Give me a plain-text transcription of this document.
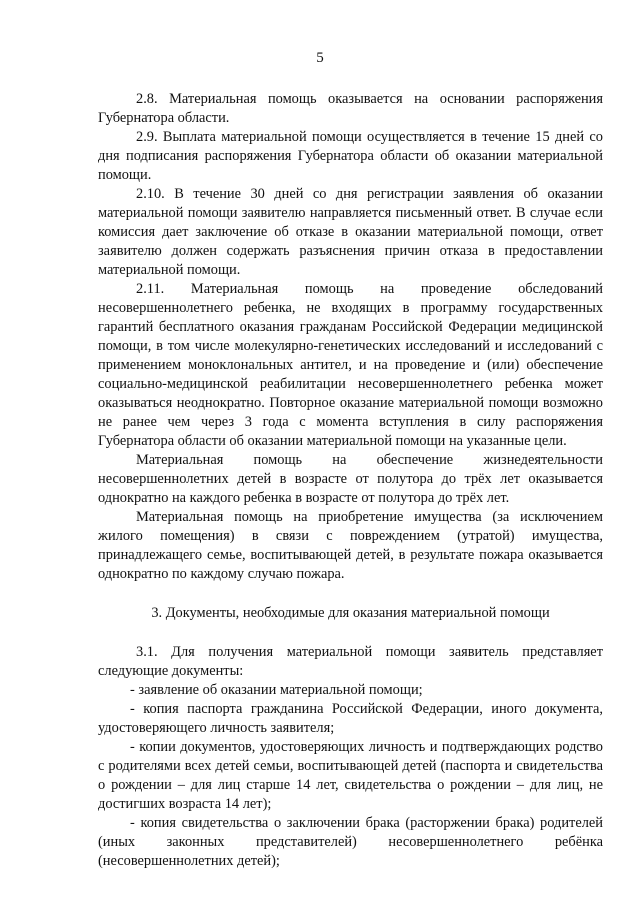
5

2.8. Материальная помощь оказывается на основании распоряжения Губернатора области.

2.9. Выплата материальной помощи осуществляется в течение 15 дней со дня подписания распоряжения Губернатора области об оказании материальной помощи.

2.10. В течение 30 дней со дня регистрации заявления об оказании материальной помощи заявителю направляется письменный ответ. В случае если комиссия дает заключение об отказе в оказании материальной помощи, ответ заявителю должен содержать разъяснения причин отказа в предоставлении материальной помощи.

2.11. Материальная помощь на проведение обследований несовершеннолетнего ребенка, не входящих в программу государственных гарантий бесплатного оказания гражданам Российской Федерации медицинской помощи, в том числе молекулярно-генетических исследований и исследований с применением моноклональных антител, и на проведение и (или) обеспечение социально-медицинской реабилитации несовершеннолетнего ребенка может оказываться неоднократно. Повторное оказание материальной помощи возможно не ранее чем через 3 года с момента вступления в силу распоряжения Губернатора области об оказании материальной помощи на указанные цели.

Материальная помощь на обеспечение жизнедеятельности несовершеннолетних детей в возрасте от полутора до трёх лет оказывается однократно на каждого ребенка в возрасте от полутора до трёх лет.

Материальная помощь на приобретение имущества (за исключением жилого помещения) в связи с повреждением (утратой) имущества, принадлежащего семье, воспитывающей детей, в результате пожара оказывается однократно по каждому случаю пожара.

3. Документы, необходимые для оказания материальной помощи

3.1. Для получения материальной помощи заявитель представляет следующие документы:

- заявление об оказании материальной помощи;

- копия паспорта гражданина Российской Федерации, иного документа, удостоверяющего личность заявителя;

- копии документов, удостоверяющих личность и подтверждающих родство с родителями всех детей семьи, воспитывающей детей (паспорта и свидетельства о рождении – для лиц старше 14 лет, свидетельства о рождении – для лиц, не достигших возраста 14 лет);

- копия свидетельства о заключении брака (расторжении брака) родителей (иных законных представителей) несовершеннолетнего ребёнка (несовершеннолетних детей);
